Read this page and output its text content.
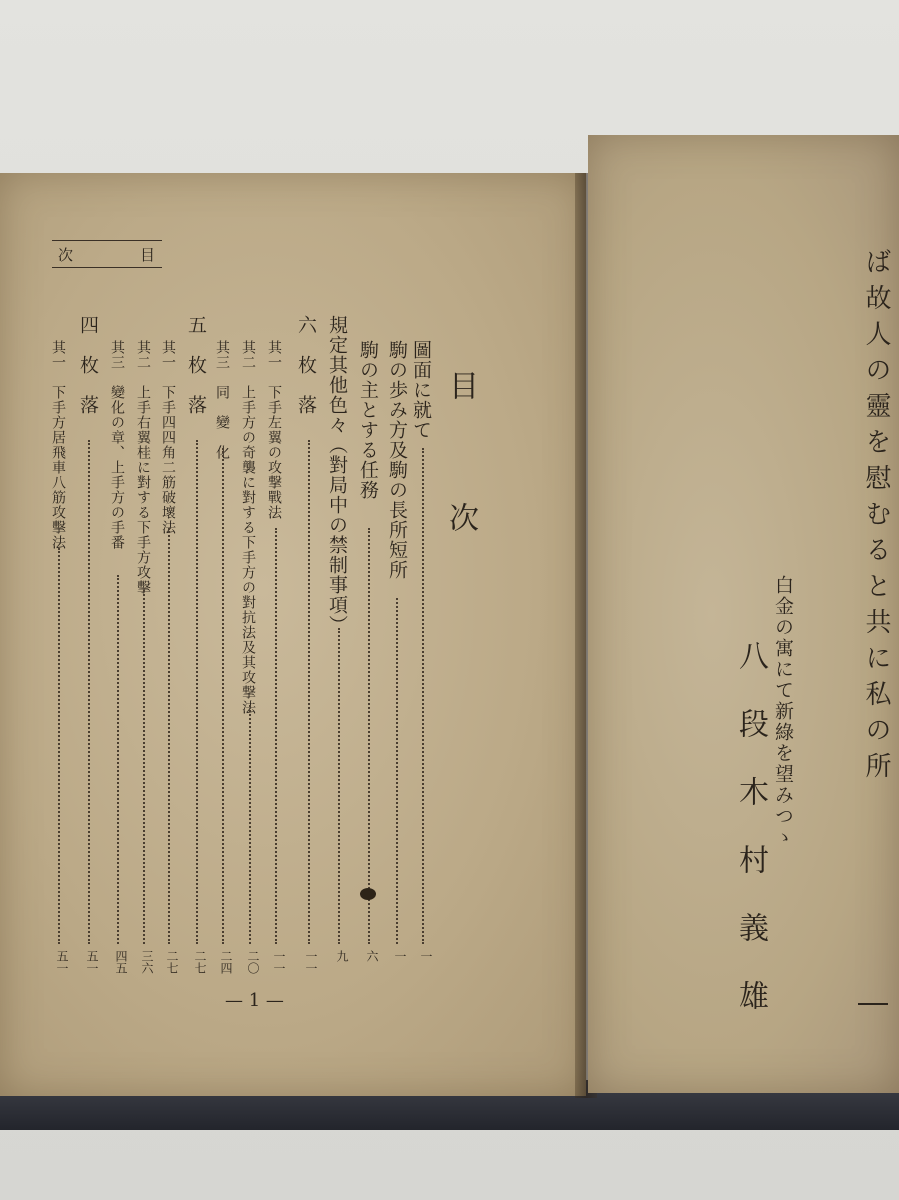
次	目
目　次
圖面に就て
一
駒の歩み方及駒の長所短所
一
駒の主とする任務
六
規定其他色々（對局中の禁制事項）
九
六　枚　落
一一
其一　下手左翼の攻撃戰法
一一
其二　上手方の奇襲に對する下手方の對抗法及其攻撃法
二〇
其三　同　變　化
二四
五　枚　落
二七
其一　下手四四角二筋破壞法
二七
其二　上手右翼桂に對する下手方攻擊
三六
其三　變化の章、上手方の手番
四五
四　枚　落
五一
其一　下手方居飛車八筋攻擊法
五一
— 1 —
ば故人の靈を慰むると共に私の所
白金の寓にて新綠を望みつゝ
八段木村義雄
